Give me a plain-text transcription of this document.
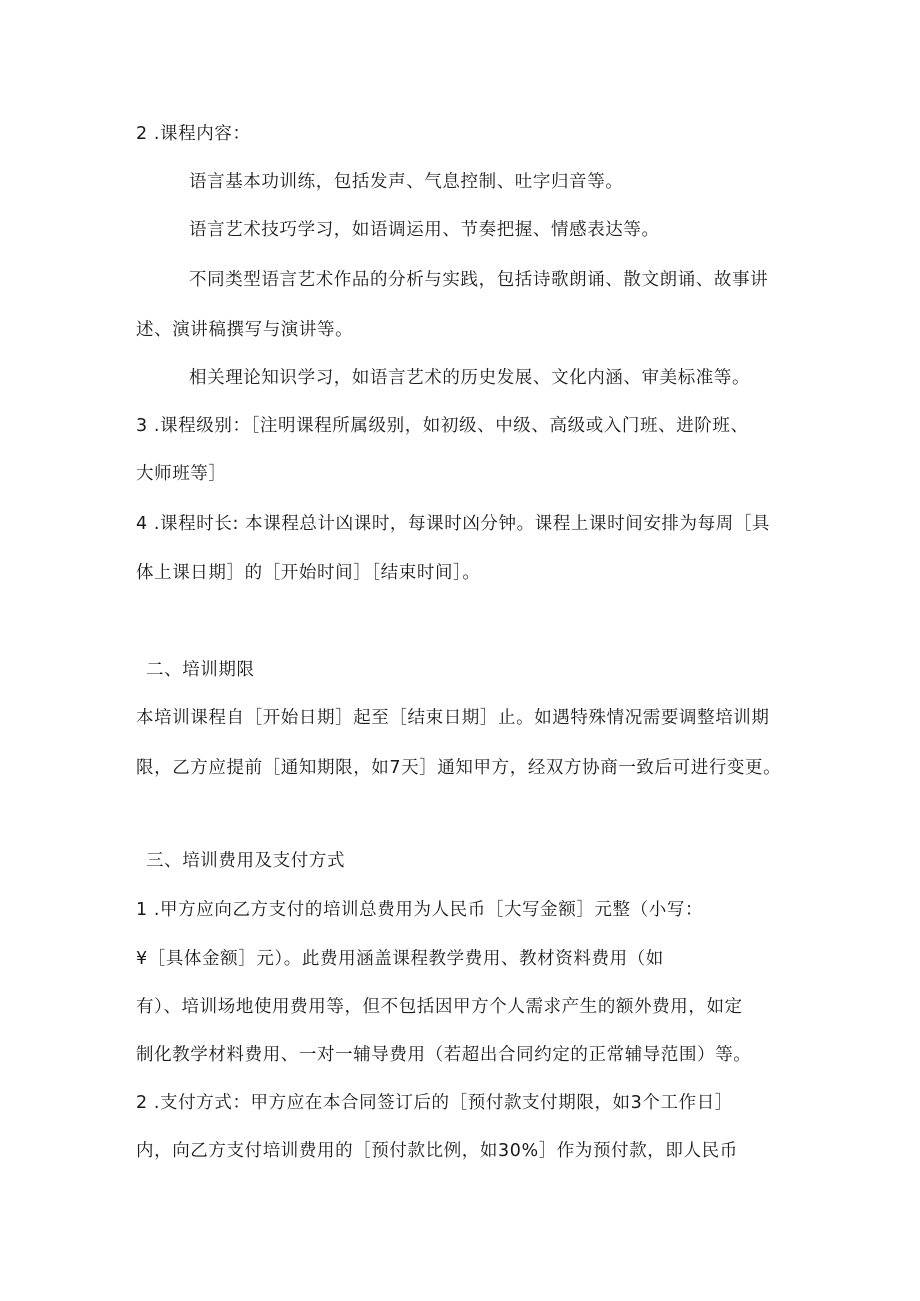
2 .课程内容：
语言基本功训练，包括发声、气息控制、吐字归音等。
语言艺术技巧学习，如语调运用、节奏把握、情感表达等。
不同类型语言艺术作品的分析与实践，包括诗歌朗诵、散文朗诵、故事讲
述、演讲稿撰写与演讲等。
相关理论知识学习，如语言艺术的历史发展、文化内涵、审美标准等。
3 .课程级别：［注明课程所属级别，如初级、中级、高级或入门班、进阶班、
大师班等］
4 .课程时长: 本课程总计凶课时，每课时凶分钟。课程上课时间安排为每周［具
体上课日期］的［开始时间］［结束时间］。
二、培训期限
本培训课程自［开始日期］起至［结束日期］止。如遇特殊情况需要调整培训期
限，乙方应提前［通知期限，如7天］通知甲方，经双方协商一致后可进行变更。
三、培训费用及支付方式
1 .甲方应向乙方支付的培训总费用为人民币［大写金额］元整（小写：
¥［具体金额］元）。此费用涵盖课程教学费用、教材资料费用（如
有）、培训场地使用费用等，但不包括因甲方个人需求产生的额外费用，如定
制化教学材料费用、一对一辅导费用（若超出合同约定的正常辅导范围）等。
2 .支付方式：甲方应在本合同签订后的［预付款支付期限，如3个工作日］
内，向乙方支付培训费用的［预付款比例，如30%］作为预付款，即人民币
